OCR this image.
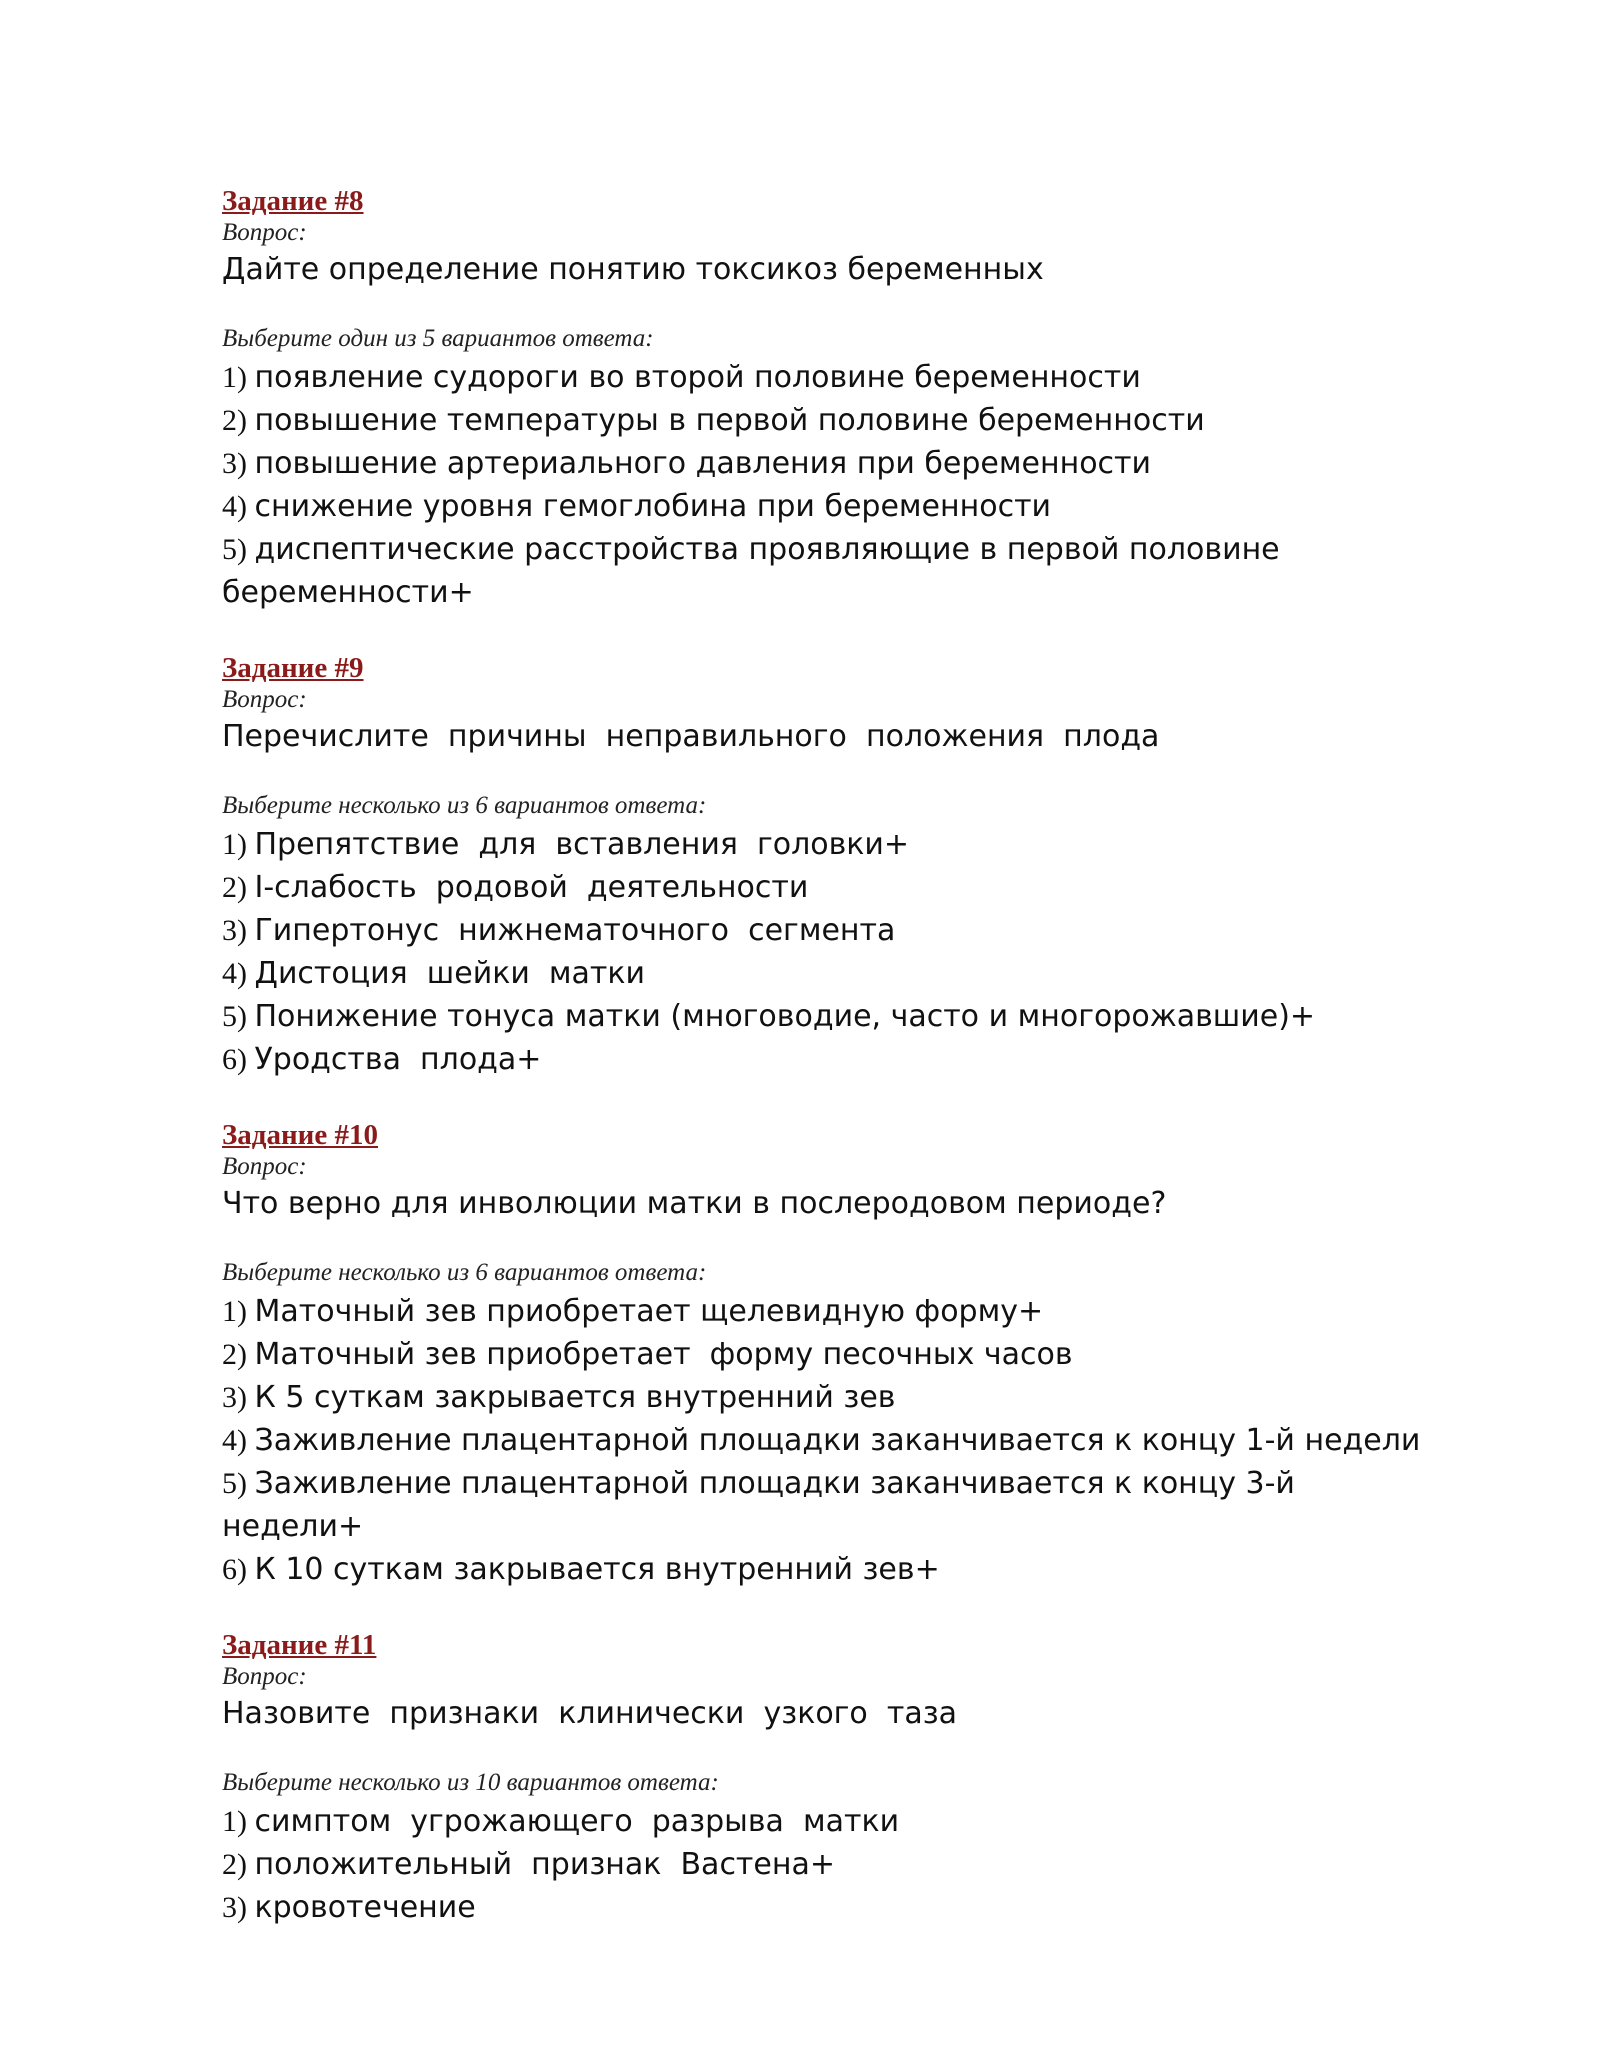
Задание #8
Вопрос:
Дайте определение понятию токсикоз беременных
Выберите один из 5 вариантов ответа:
1) появление судороги во второй половине беременности
2) повышение температуры в первой половине беременности
3) повышение артериального давления при беременности
4) снижение уровня гемоглобина при беременности
5) диспептические расстройства проявляющие в первой половине беременности+
Задание #9
Вопрос:
Перечислите  причины  неправильного  положения  плода
Выберите несколько из 6 вариантов ответа:
1) Препятствие  для  вставления  головки+
2) I-слабость  родовой  деятельности
3) Гипертонус  нижнематочного  сегмента
4) Дистоция  шейки  матки
5) Понижение тонуса матки (многоводие, часто и многорожавшие)+
6) Уродства  плода+
Задание #10
Вопрос:
Что верно для инволюции матки в послеродовом периоде?
Выберите несколько из 6 вариантов ответа:
1) Маточный зев приобретает щелевидную форму+
2) Маточный зев приобретает  форму песочных часов
3) К 5 суткам закрывается внутренний зев
4) Заживление плацентарной площадки заканчивается к концу 1-й недели
5) Заживление плацентарной площадки заканчивается к концу 3-й недели+
6) К 10 суткам закрывается внутренний зев+
Задание #11
Вопрос:
Назовите  признаки  клинически  узкого  таза
Выберите несколько из 10 вариантов ответа:
1) симптом  угрожающего  разрыва  матки
2) положительный  признак  Вастена+
3) кровотечение
